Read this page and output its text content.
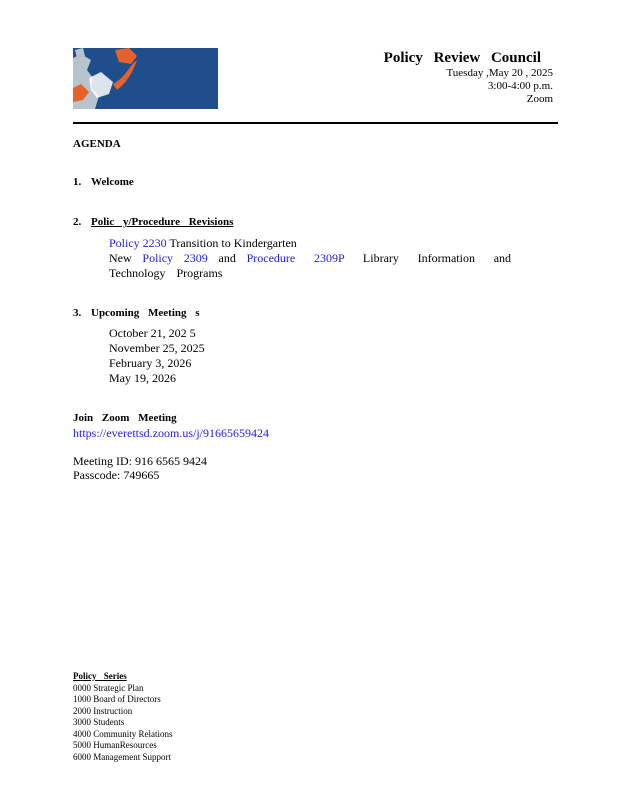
Policy Review Council
Tuesday ,May 20 , 2025
3:00-4:00 p.m.
Zoom
AGENDA
1. Welcome
2. Polic y/Procedure Revisions
Policy 2230 Transition to Kindergarten
New Policy 2309 and Procedure 2309P Library Information and Technology Programs
3. Upcoming Meeting s
October 21, 202 5
November 25, 2025
February 3, 2026
May 19, 2026
Join Zoom Meeting
https://everettsd.zoom.us/j/91665659424
Meeting ID: 916 6565 9424
Passcode: 749665
Policy Series
0000 Strategic Plan
1000 Board of Directors
2000 Instruction
3000 Students
4000 Community Relations
5000 HumanResources
6000 Management Support
